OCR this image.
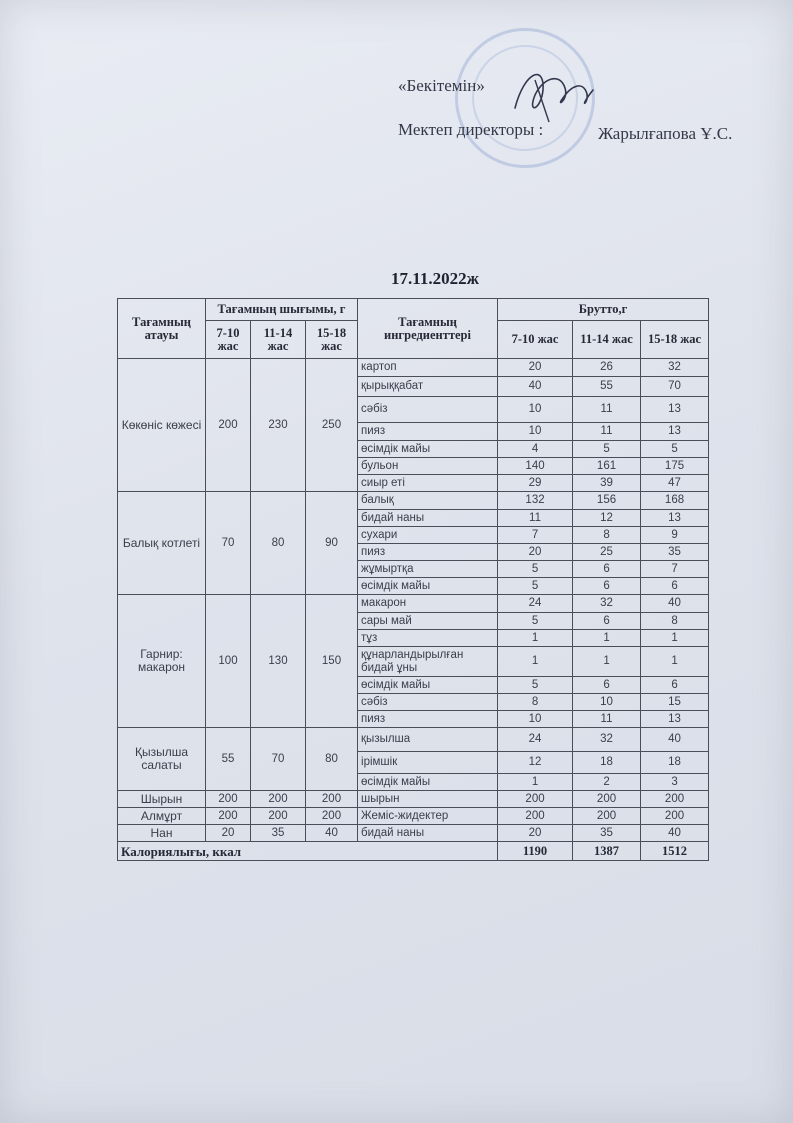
«Бекітемін»
Мектеп директоры :	Жарылғапова Ұ.С.
17.11.2022ж
Тағамның атауы	Тағамның шығымы, г			Тағамның ингредиенттері	Брутто,г		
	7-10 жас	11-14 жас	15-18 жас		7-10 жас	11-14 жас	15-18 жас
Көкөніс көжесі	200	230	250	картоп	20	26	32
				қырыққабат	40	55	70
				сәбіз	10	11	13
				пияз	10	11	13
				өсімдік майы	4	5	5
				бульон	140	161	175
				сиыр еті	29	39	47
Балық котлеті	70	80	90	балық	132	156	168
				бидай наны	11	12	13
				сухари	7	8	9
				пияз	20	25	35
				жұмыртқа	5	6	7
				өсімдік майы	5	6	6
Гарнир: макарон	100	130	150	макарон	24	32	40
				сары май	5	6	8
				тұз	1	1	1
				құнарландырылған бидай ұны	1	1	1
				өсімдік майы	5	6	6
				сәбіз	8	10	15
				пияз	10	11	13
Қызылша салаты	55	70	80	қызылша	24	32	40
				ірімшік	12	18	18
				өсімдік майы	1	2	3
Шырын	200	200	200	шырын	200	200	200
Алмұрт	200	200	200	Жеміс-жидектер	200	200	200
Нан	20	35	40	бидай наны	20	35	40
Калориялығы, ккал					1190	1387	1512
